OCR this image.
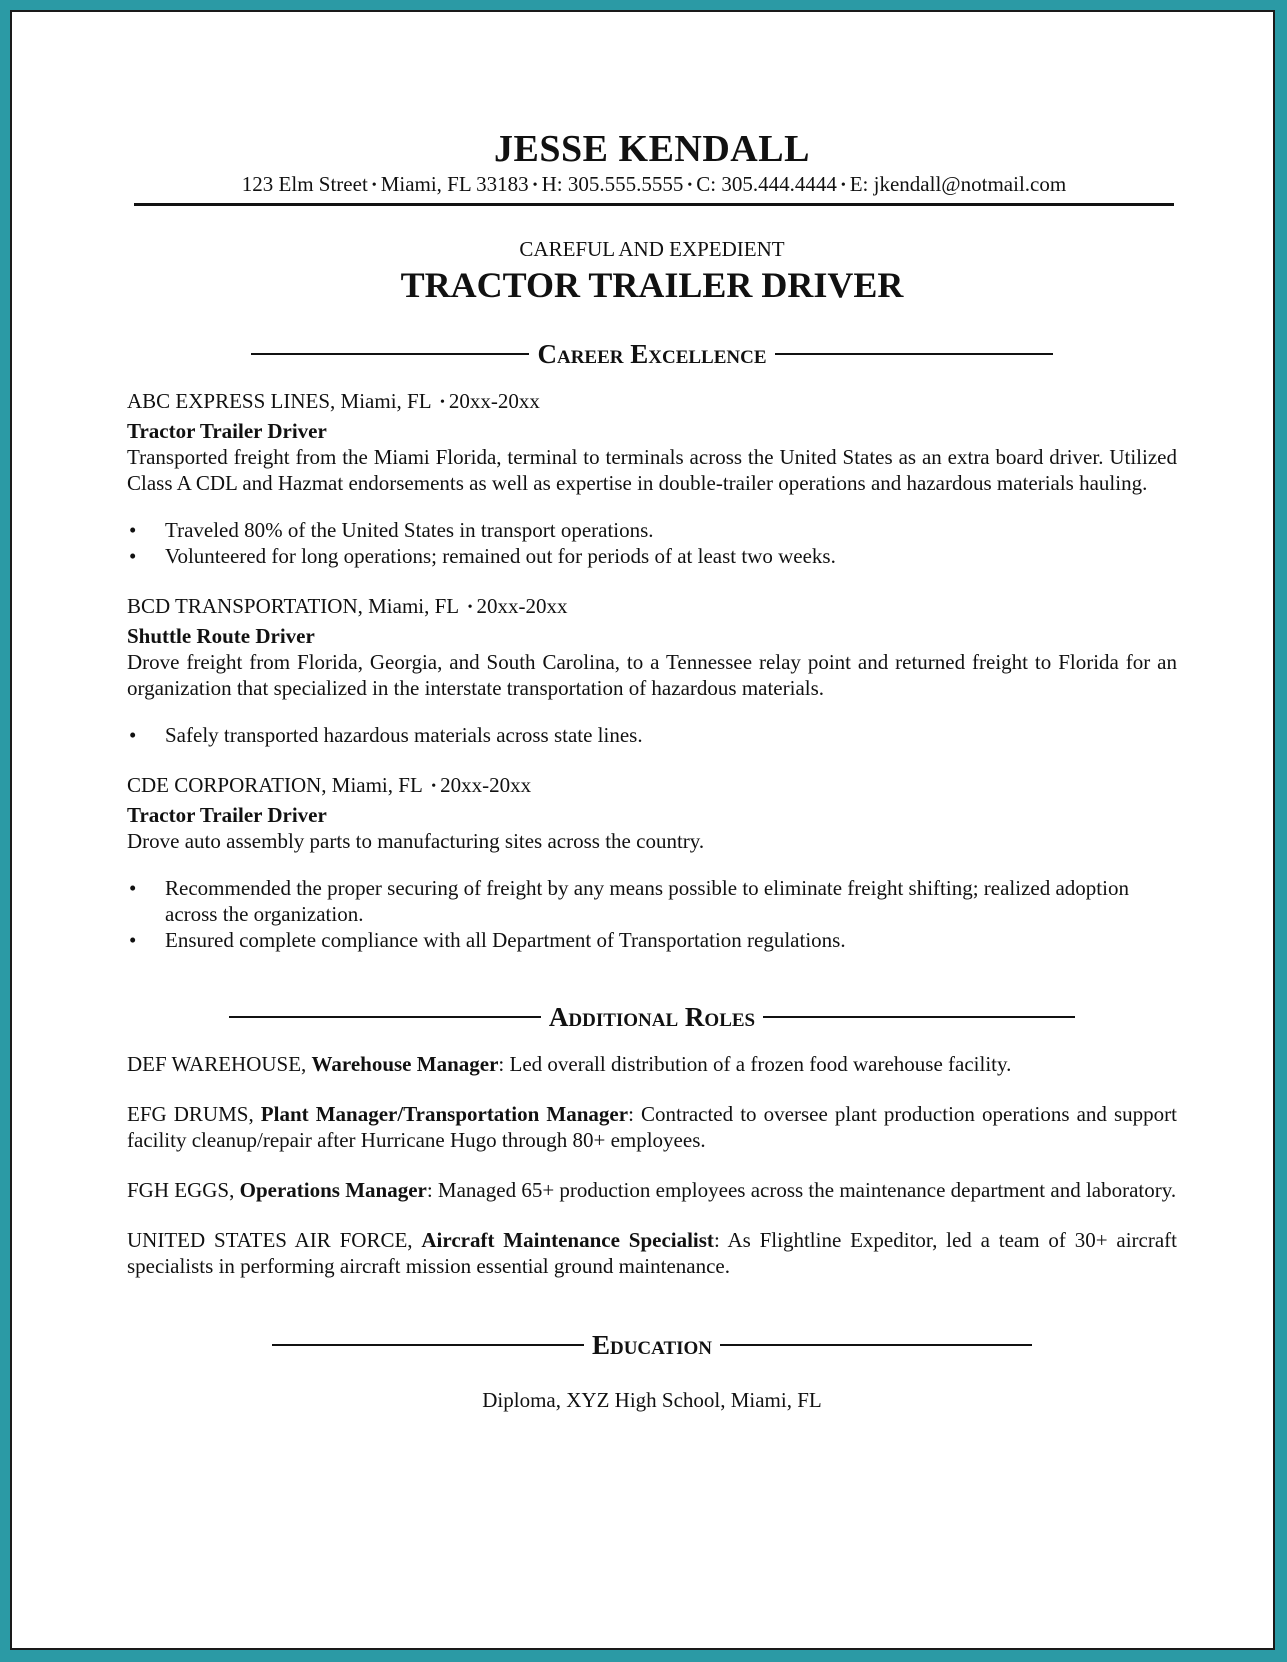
JESSE KENDALL
123 Elm Street • Miami, FL 33183 • H: 305.555.5555 • C: 305.444.4444 • E: jkendall@notmail.com
CAREFUL AND EXPEDIENT
TRACTOR TRAILER DRIVER
Career Excellence

ABC EXPRESS LINES, Miami, FL • 20xx-20xx

Tractor Trailer Driver

Transported freight from the Miami Florida, terminal to terminals across the United States as an extra board driver. Utilized Class A CDL and Hazmat endorsements as well as expertise in double-trailer operations and hazardous materials hauling.

• Traveled 80% of the United States in transport operations.
• Volunteered for long operations; remained out for periods of at least two weeks.

BCD TRANSPORTATION, Miami, FL • 20xx-20xx

Shuttle Route Driver

Drove freight from Florida, Georgia, and South Carolina, to a Tennessee relay point and returned freight to Florida for an organization that specialized in the interstate transportation of hazardous materials.

• Safely transported hazardous materials across state lines.

CDE CORPORATION, Miami, FL • 20xx-20xx

Tractor Trailer Driver

Drove auto assembly parts to manufacturing sites across the country.

• Recommended the proper securing of freight by any means possible to eliminate freight shifting; realized adoption across the organization.
• Ensured complete compliance with all Department of Transportation regulations.
Additional Roles
DEF WAREHOUSE, Warehouse Manager: Led overall distribution of a frozen food warehouse facility.
EFG DRUMS, Plant Manager/Transportation Manager: Contracted to oversee plant production operations and support facility cleanup/repair after Hurricane Hugo through 80+ employees.
FGH EGGS, Operations Manager: Managed 65+ production employees across the maintenance department and laboratory.
UNITED STATES AIR FORCE, Aircraft Maintenance Specialist: As Flightline Expeditor, led a team of 30+ aircraft specialists in performing aircraft mission essential ground maintenance.
Education
Diploma, XYZ High School, Miami, FL
